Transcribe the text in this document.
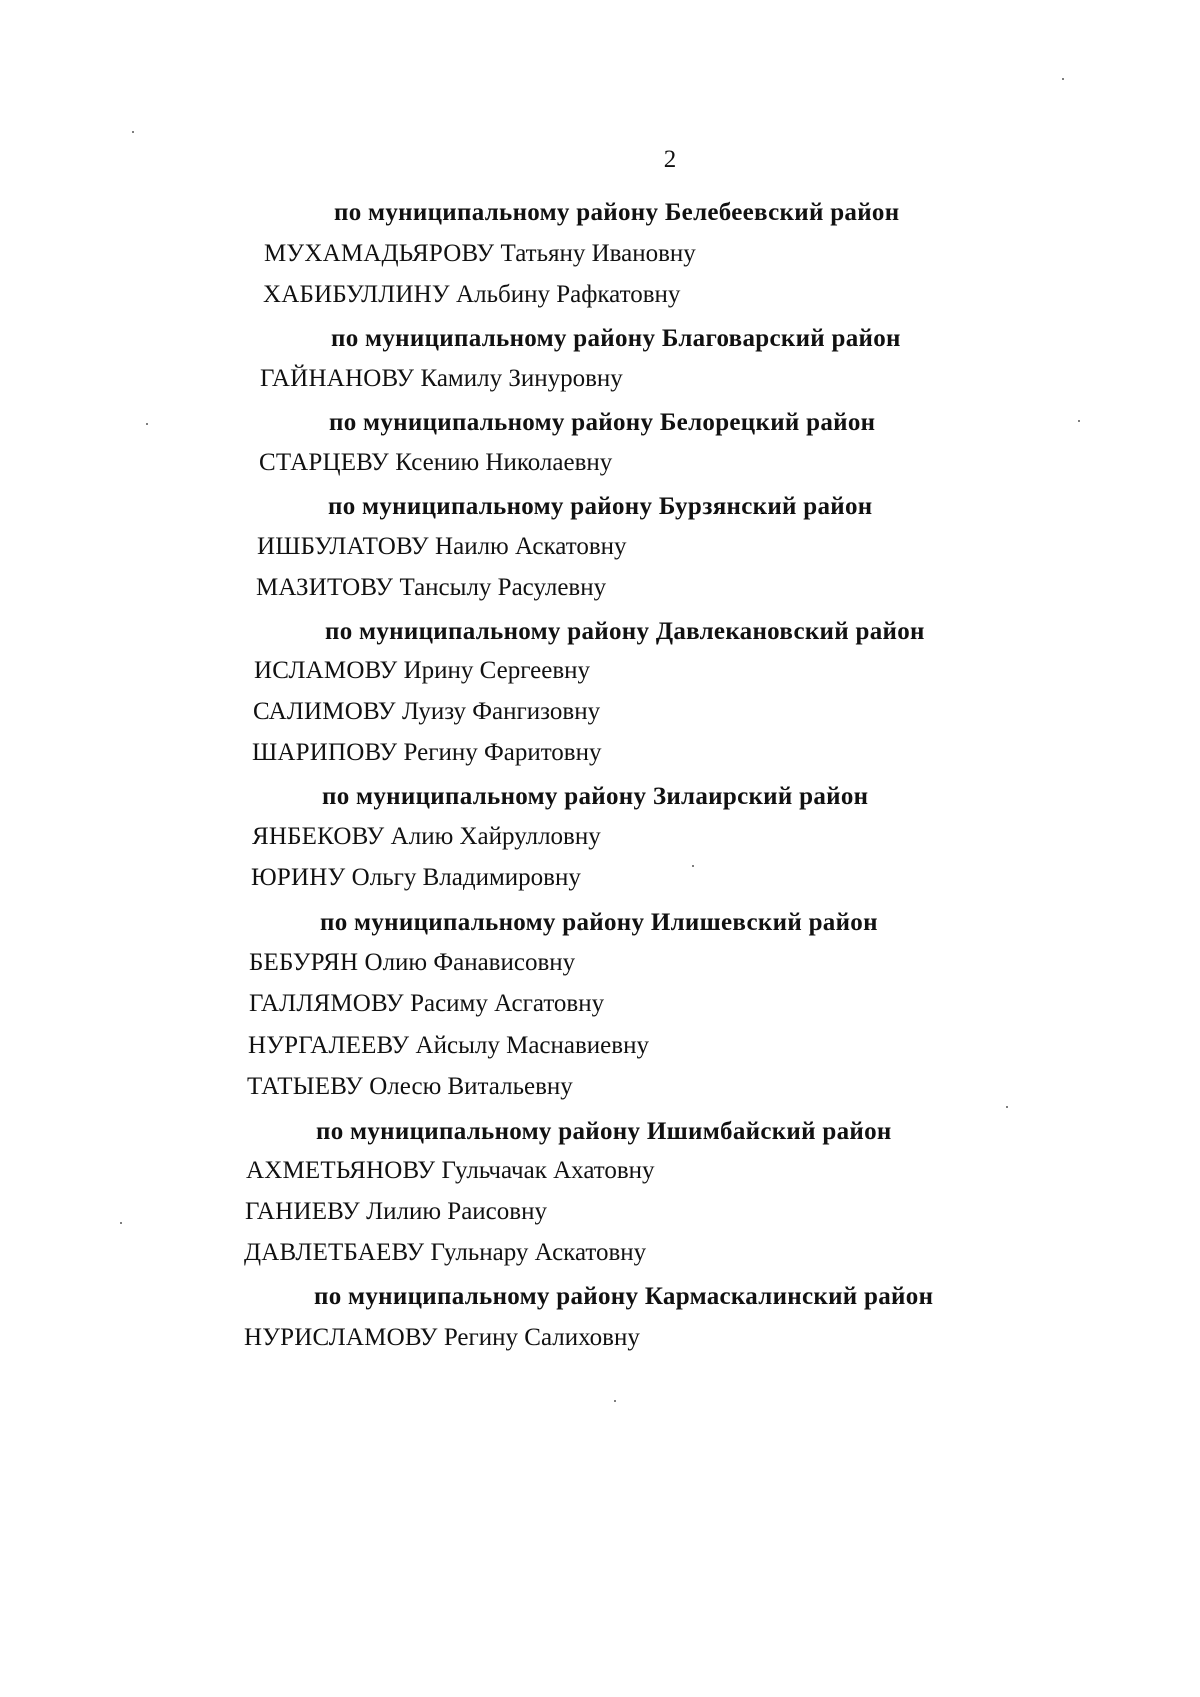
2
по муниципальному району Белебеевский район
МУХАМАДЬЯРОВУ Татьяну Ивановну
ХАБИБУЛЛИНУ Альбину Рафкатовну
по муниципальному району Благоварский район
ГАЙНАНОВУ Камилу Зинуровну
по муниципальному району Белорецкий район
СТАРЦЕВУ Ксению Николаевну
по муниципальному району Бурзянский район
ИШБУЛАТОВУ Наилю Аскатовну
МАЗИТОВУ Тансылу Расулевну
по муниципальному району Давлекановский район
ИСЛАМОВУ Ирину Сергеевну
САЛИМОВУ Луизу Фангизовну
ШАРИПОВУ Регину Фаритовну
по муниципальному району Зилаирский район
ЯНБЕКОВУ Алию Хайрулловну
ЮРИНУ Ольгу Владимировну
по муниципальному району Илишевский район
БЕБУРЯН Олию Фанависовну
ГАЛЛЯМОВУ Расиму Асгатовну
НУРГАЛЕЕВУ Айсылу Маснавиевну
ТАТЫЕВУ Олесю Витальевну
по муниципальному району Ишимбайский район
АХМЕТЬЯНОВУ Гульчачак Ахатовну
ГАНИЕВУ Лилию Раисовну
ДАВЛЕТБАЕВУ Гульнару Аскатовну
по муниципальному району Кармаскалинский район
НУРИСЛАМОВУ Регину Салиховну
